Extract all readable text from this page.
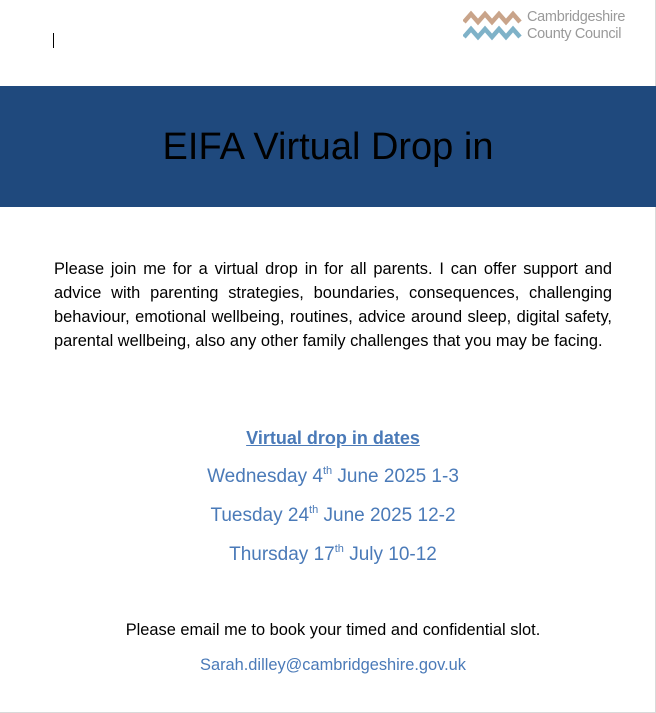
Cambridgeshire
County Council
EIFA Virtual Drop in

Please join me for a virtual drop in for all parents. I can offer support and advice with parenting strategies, boundaries, consequences, challenging behaviour, emotional wellbeing, routines, advice around sleep, digital safety, parental wellbeing, also any other family challenges that you may be facing.

Virtual drop in dates
Wednesday 4th June 2025 1-3
Tuesday 24th June 2025 12-2
Thursday 17th July 10-12
Please email me to book your timed and confidential slot.
Sarah.dilley@cambridgeshire.gov.uk
